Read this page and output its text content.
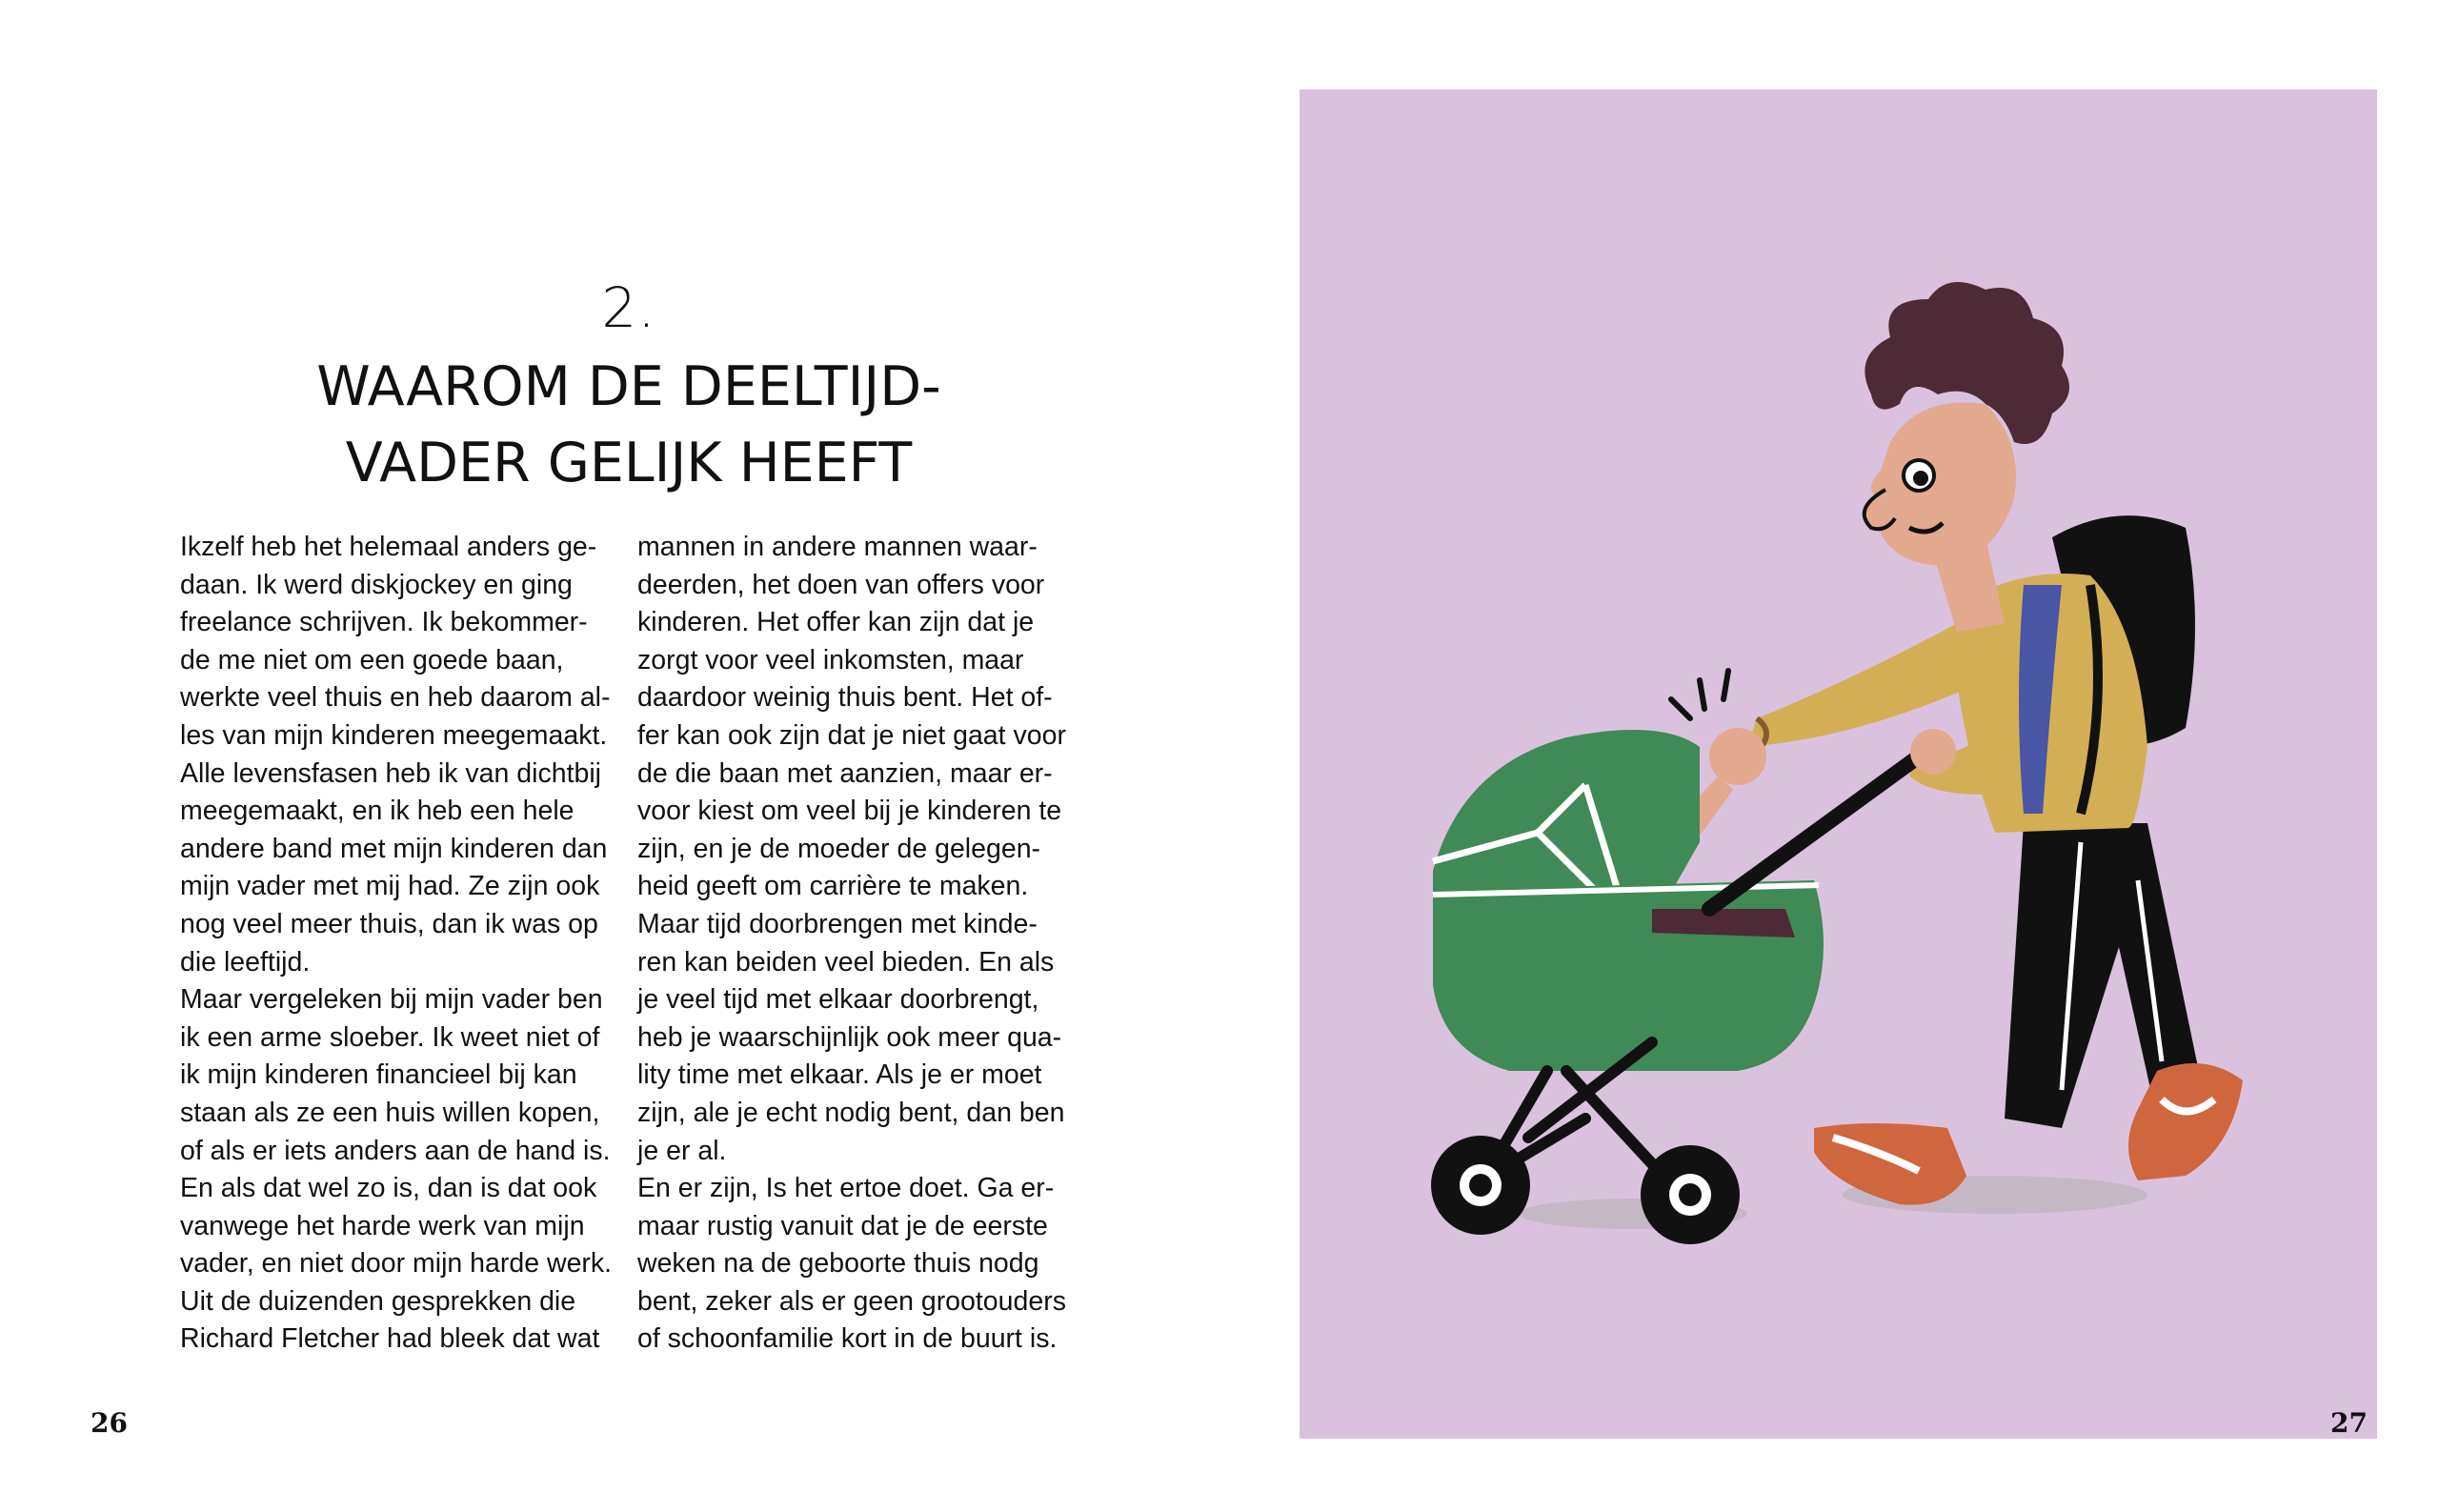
2.
WAAROM DE DEELTIJD-
VADER GELIJK HEEFT
Ikzelf heb het helemaal anders ge-
daan. Ik werd diskjockey en ging
freelance schrijven. Ik bekommer-
de me niet om een goede baan,
werkte veel thuis en heb daarom al-
les van mijn kinderen meegemaakt.
Alle levensfasen heb ik van dichtbij
meegemaakt, en ik heb een hele
andere band met mijn kinderen dan
mijn vader met mij had. Ze zijn ook
nog veel meer thuis, dan ik was op
die leeftijd.
Maar vergeleken bij mijn vader ben
ik een arme sloeber. Ik weet niet of
ik mijn kinderen financieel bij kan
staan als ze een huis willen kopen,
of als er iets anders aan de hand is.
En als dat wel zo is, dan is dat ook
vanwege het harde werk van mijn
vader, en niet door mijn harde werk.
Uit de duizenden gesprekken die
Richard Fletcher had bleek dat wat
mannen in andere mannen waar-
deerden, het doen van offers voor
kinderen. Het offer kan zijn dat je
zorgt voor veel inkomsten, maar
daardoor weinig thuis bent. Het of-
fer kan ook zijn dat je niet gaat voor
de die baan met aanzien, maar er-
voor kiest om veel bij je kinderen te
zijn, en je de moeder de gelegen-
heid geeft om carrière te maken.
Maar tijd doorbrengen met kinde-
ren kan beiden veel bieden. En als
je veel tijd met elkaar doorbrengt,
heb je waarschijnlijk ook meer qua-
lity time met elkaar. Als je er moet
zijn, ale je echt nodig bent, dan ben
je er al.
En er zijn, Is het ertoe doet. Ga er-
maar rustig vanuit dat je de eerste
weken na de geboorte thuis nodg
bent, zeker als er geen grootouders
of schoonfamilie kort in de buurt is.
26	27
